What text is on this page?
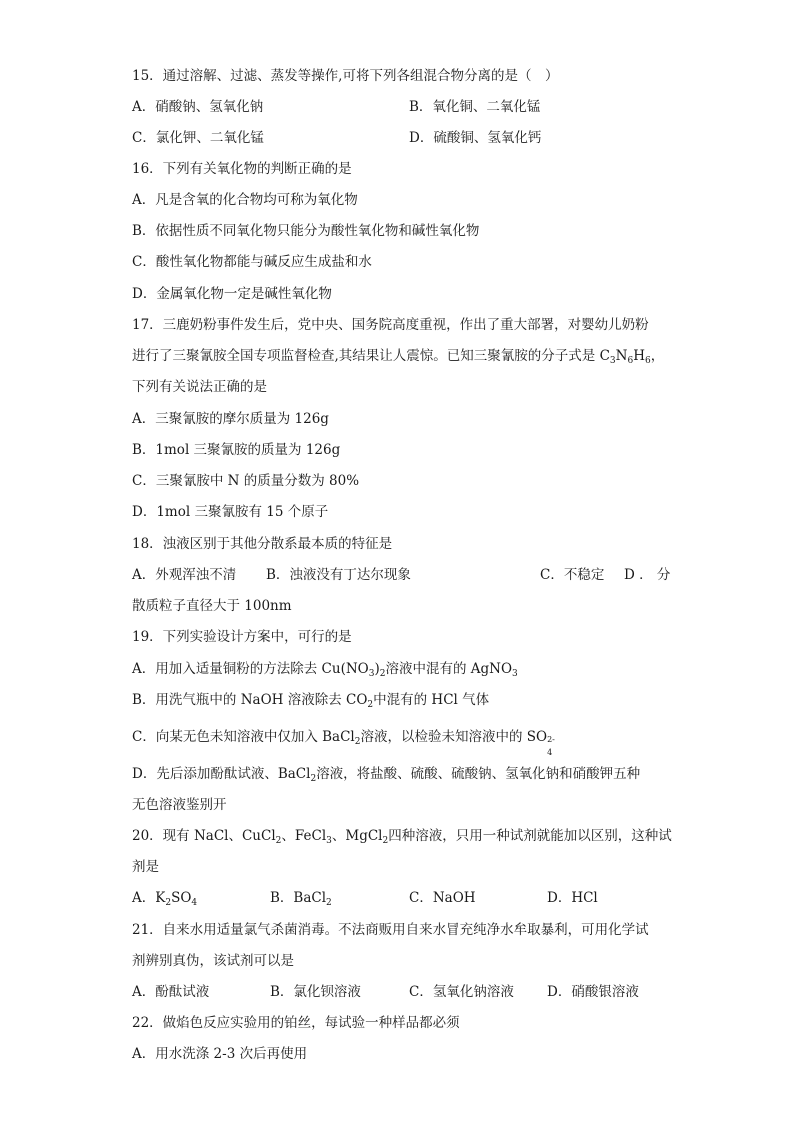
15．通过溶解、过滤、蒸发等操作,可将下列各组混合物分离的是（　）
A．硝酸钠、氢氧化钠	B．氧化铜、二氧化锰
C．氯化钾、二氧化锰	D．硫酸铜、氢氧化钙
16．下列有关氧化物的判断正确的是
A．凡是含氧的化合物均可称为氧化物
B．依据性质不同氧化物只能分为酸性氧化物和碱性氧化物
C．酸性氧化物都能与碱反应生成盐和水
D．金属氧化物一定是碱性氧化物
17．三鹿奶粉事件发生后，党中央、国务院高度重视，作出了重大部署，对婴幼儿奶粉
进行了三聚氰胺全国专项监督检查,其结果让人震惊。已知三聚氰胺的分子式是 $C_3N_6H_6$，
下列有关说法正确的是
A．三聚氰胺的摩尔质量为 126g
B．1mol 三聚氰胺的质量为 126g
C．三聚氰胺中 N 的质量分数为 80%
D．1mol 三聚氰胺有 15 个原子
18．浊液区别于其他分散系最本质的特征是
A．外观浑浊不清 B．浊液没有丁达尔现象	C．不稳定 D ． 分
散质粒子直径大于 100nm
19．下列实验设计方案中，可行的是
A．用加入适量铜粉的方法除去 $Cu(NO_3)_2$溶液中混有的 AgNO$_3$
B．用洗气瓶中的 NaOH 溶液除去 $CO_2$中混有的 HCl 气体
C．向某无色未知溶液中仅加入 BaCl$_2$溶液，以检验未知溶液中的 SO 2-
4
D．先后添加酚酞试液、BaCl$_2$溶液，将盐酸、硫酸、硫酸钠、氢氧化钠和硝酸钾五种
无色溶液鉴别开
20．现有 NaCl、CuCl$_2$、FeCl$_3$、MgCl$_2$四种溶液，只用一种试剂就能加以区别，这种试
剂是
A．$K_2SO_4$	B．BaCl$_2$	C．NaOH	D．HCl
21．自来水用适量氯气杀菌消毒。不法商贩用自来水冒充纯净水牟取暴利，可用化学试
剂辨别真伪，该试剂可以是
A．酚酞试液	B．氯化钡溶液	C．氢氧化钠溶液 D．硝酸银溶液
22．做焰色反应实验用的铂丝，每试验一种样品都必须
A．用水洗涤 2-3 次后再使用
